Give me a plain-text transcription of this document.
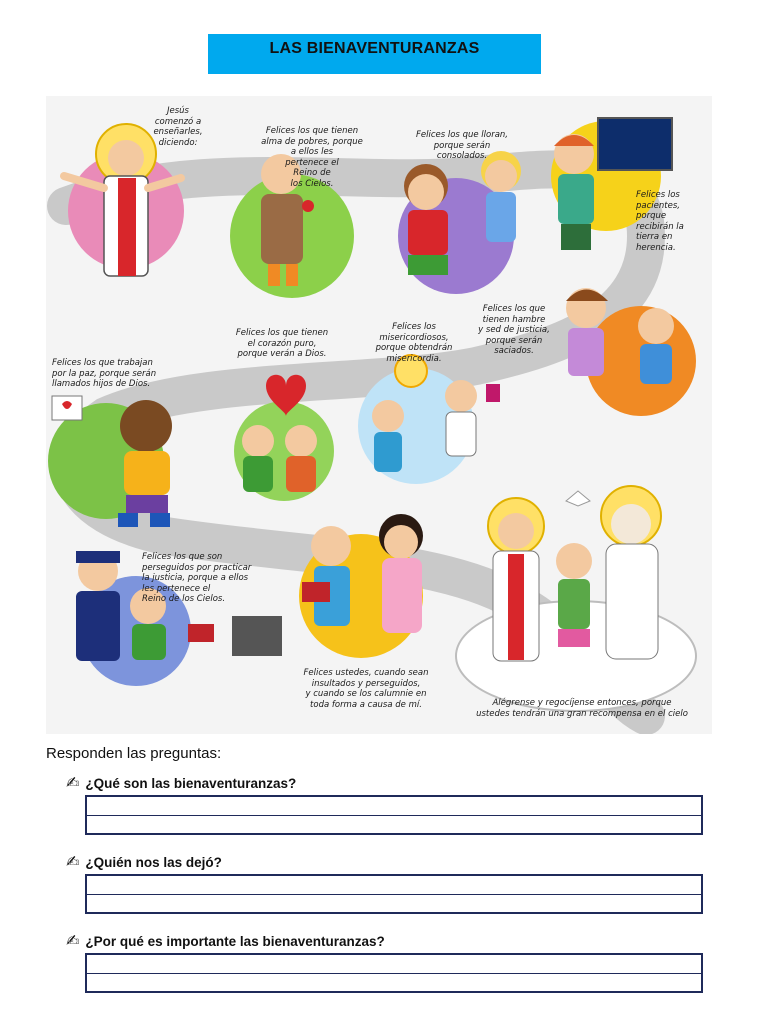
LAS BIENAVENTURANZAS
Jesús
comenzó a
enseñarles,
diciendo:
Felices los que tienen
alma de pobres, porque
a ellos les
pertenece el
Reino de
los Cielos.
Felices los que lloran,
porque serán
consolados.
Felices los
pacientes,
porque
recibirán la
tierra en
herencia.
Felices los que trabajan
por la paz, porque serán
llamados hijos de Dios.
Felices los que tienen
el corazón puro,
porque verán a Dios.
Felices los
misericordiosos,
porque obtendrán
misericordia.
Felices los que
tienen hambre
y sed de justicia,
porque serán
saciados.
Felices los que son
perseguidos por practicar
la justicia, porque a ellos
les pertenece el
Reino de los Cielos.
Felices ustedes, cuando sean
insultados y perseguidos,
y cuando se los calumnie en
toda forma a causa de mí.	Alégrense y regocíjense entonces, porque
ustedes tendrán una gran recompensa en el cielo
Responden las preguntas:
✍ ¿Qué son las bienaventuranzas?
✍ ¿Quién nos las dejó?
✍ ¿Por qué es importante las bienaventuranzas?
